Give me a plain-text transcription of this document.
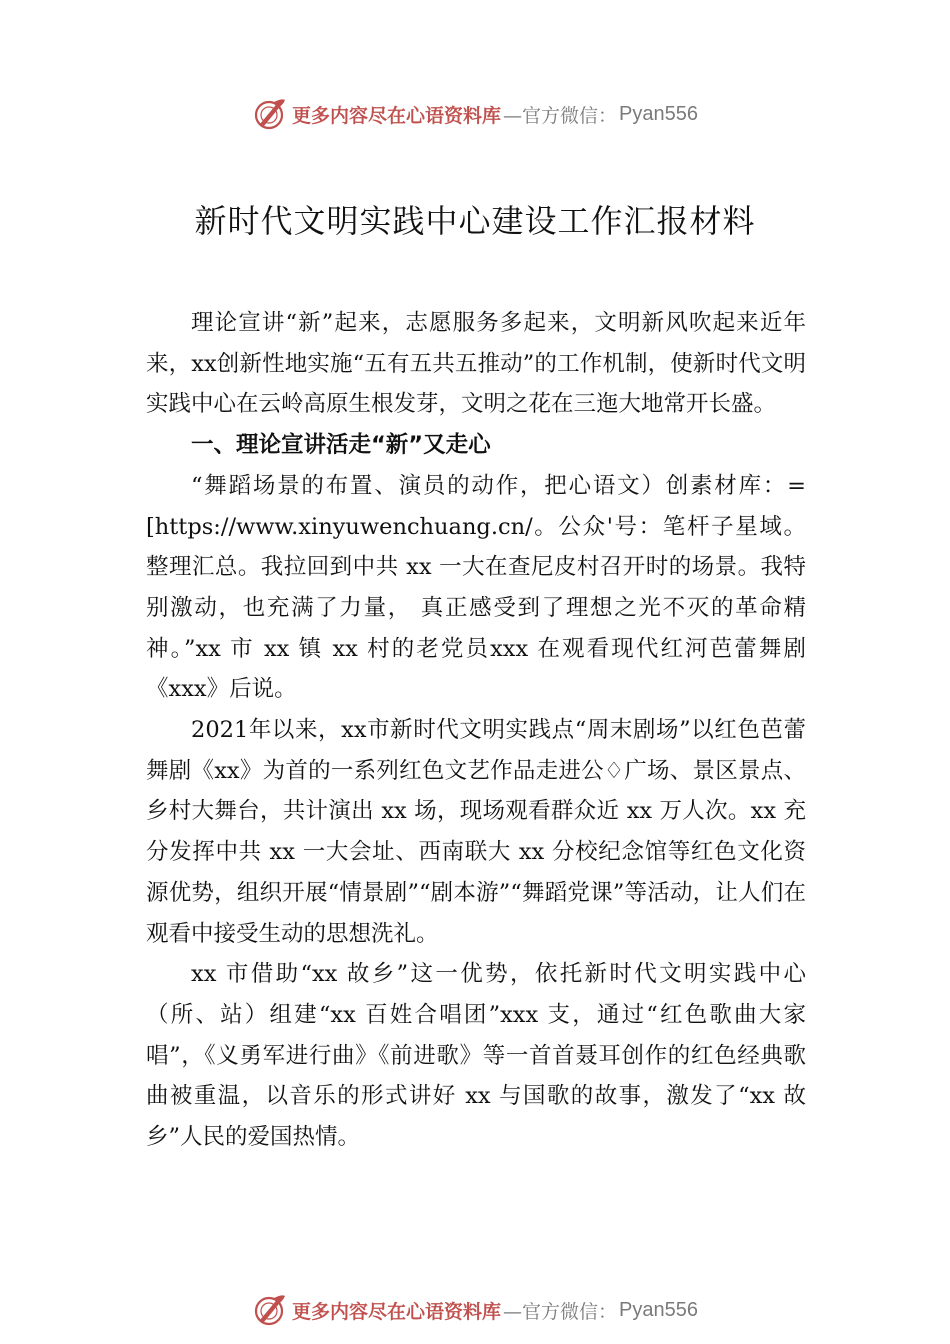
更多内容尽在心语资料库 —官方微信： Pyan556
新时代文明实践中心建设工作汇报材料

理论宣讲“新”起来，志愿服务多起来，文明新风吹起来近年来，xx创新性地实施“五有五共五推动”的工作机制，使新时代文明实践中心在云岭高原生根发芽，文明之花在三迤大地常开长盛。

一、理论宣讲活走“新”又走心

“舞蹈场景的布置、演员的动作，把心语文）创素材库：=[https://www.xinyuwenchuang.cn/。公众'号：笔杆子星域。整理汇总。我拉回到中共 xx 一大在查尼皮村召开时的场景。我特别激动，也充满了力量， 真正感受到了理想之光不灭的革命精神。”xx 市 xx 镇 xx 村的老党员xxx 在观看现代红河芭蕾舞剧《xxx》后说。

2021年以来，xx市新时代文明实践点“周末剧场”以红色芭蕾舞剧《xx》为首的一系列红色文艺作品走进公♢广场、景区景点、乡村大舞台，共计演出 xx 场，现场观看群众近 xx 万人次。xx 充分发挥中共 xx 一大会址、西南联大 xx 分校纪念馆等红色文化资源优势，组织开展“情景剧”“剧本游”“舞蹈党课”等活动，让人们在观看中接受生动的思想洗礼。

xx 市借助“xx 故乡”这一优势，依托新时代文明实践中心（所、站）组建“xx 百姓合唱团”xxx 支，通过“红色歌曲大家唱”，《义勇军进行曲》《前进歌》等一首首聂耳创作的红色经典歌曲被重温，以音乐的形式讲好 xx 与国歌的故事，激发了“xx 故乡”人民的爱国热情。

更多内容尽在心语资料库 —官方微信： Pyan556
